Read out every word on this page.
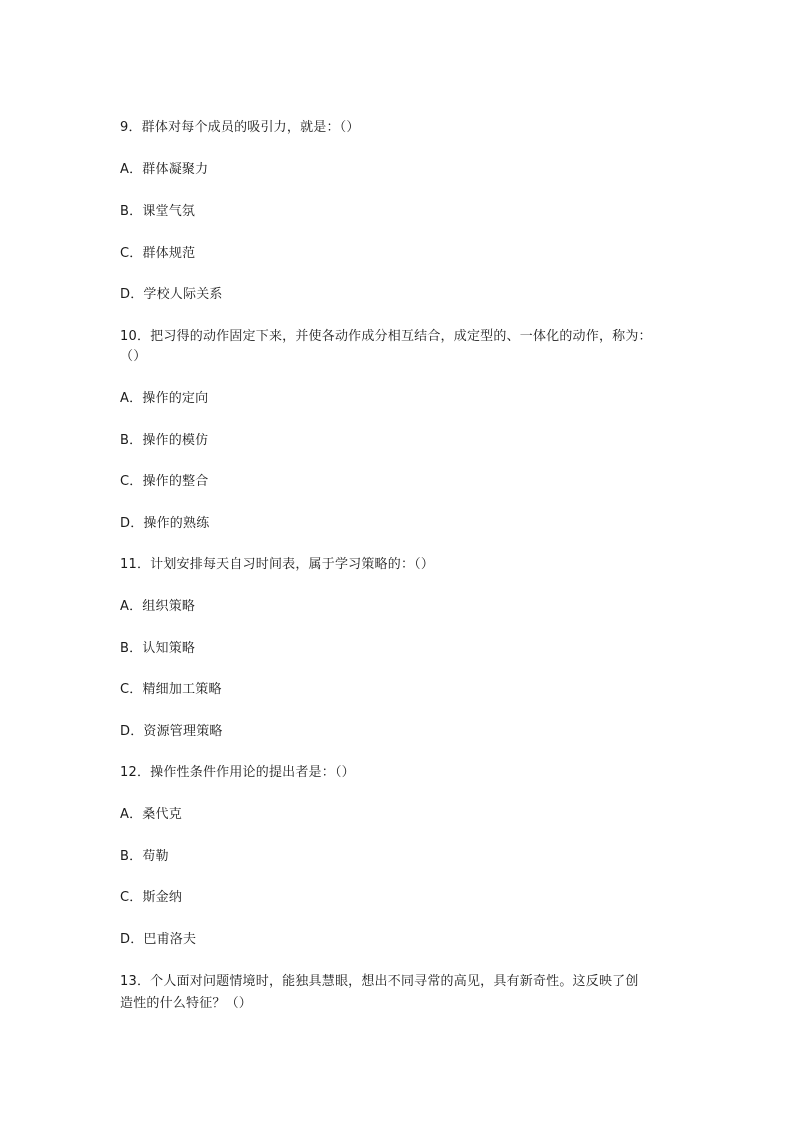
9．群体对每个成员的吸引力，就是：（）
A．群体凝聚力
B．课堂气氛
C．群体规范
D．学校人际关系
10．把习得的动作固定下来，并使各动作成分相互结合，成定型的、一体化的动作，称为：
（）
A．操作的定向
B．操作的模仿
C．操作的整合
D．操作的熟练
11．计划安排每天自习时间表，属于学习策略的：（）
A．组织策略
B．认知策略
C．精细加工策略
D．资源管理策略
12．操作性条件作用论的提出者是：（）
A．桑代克
B．苟勒
C．斯金纳
D．巴甫洛夫
13．个人面对问题情境时，能独具慧眼，想出不同寻常的高见，具有新奇性。这反映了创
造性的什么特征？（）
